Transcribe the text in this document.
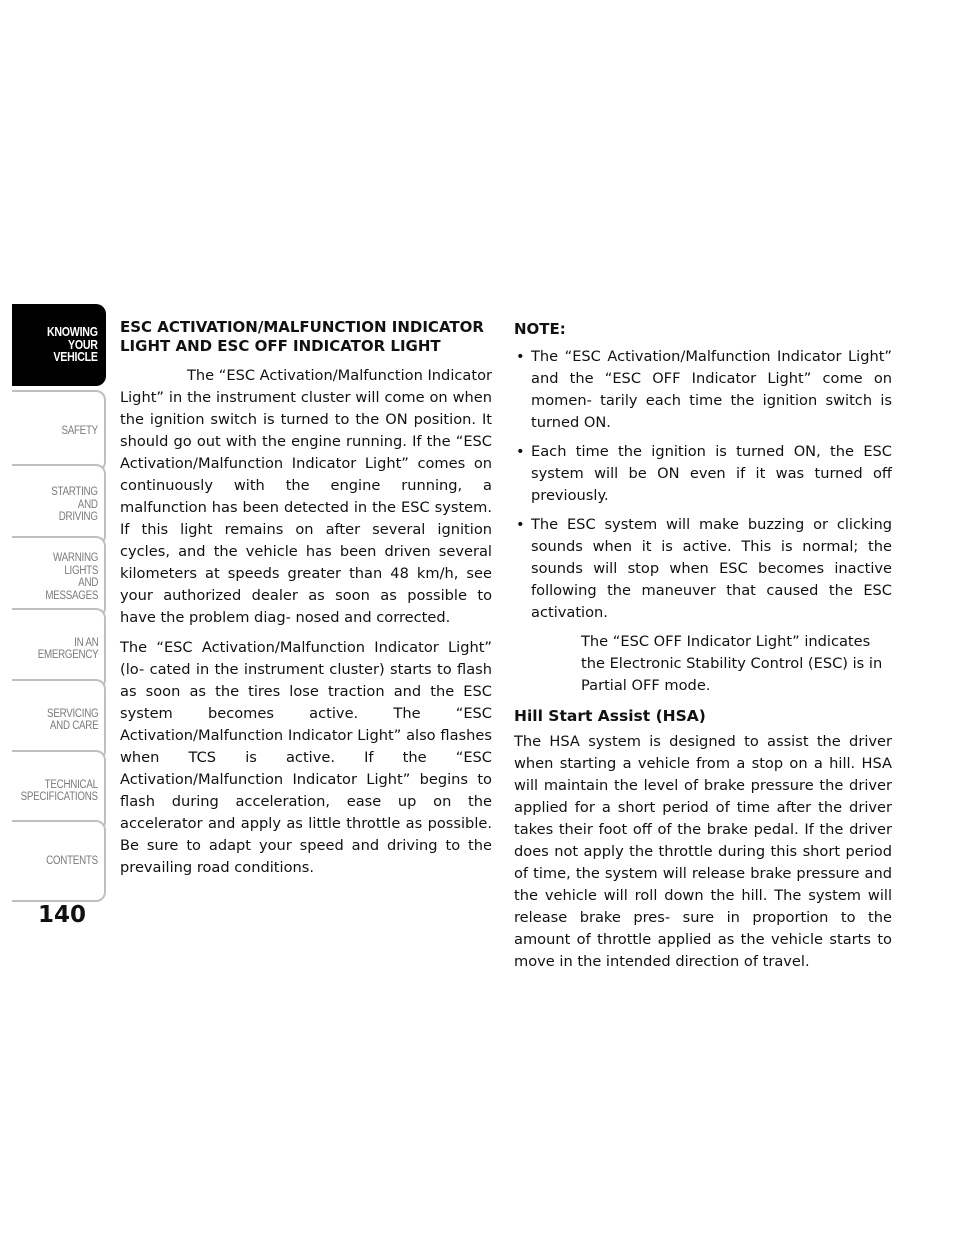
KNOWING
YOUR
VEHICLE
SAFETY
STARTING
AND
DRIVING
WARNING
LIGHTS
AND
MESSAGES
IN AN
EMERGENCY
SERVICING
AND CARE
TECHNICAL
SPECIFICATIONS
CONTENTS
140
ESC ACTIVATION/MALFUNCTION INDICATOR LIGHT AND ESC OFF INDICATOR LIGHT

The “ESC Activation/Malfunction Indicator Light” in the instrument cluster will come on when the ignition switch is turned to the ON position. It should go out with the engine running. If the “ESC Activation/Malfunction Indicator Light” comes on continuously with the engine running, a malfunction has been detected in the ESC system. If this light remains on after several ignition cycles, and the vehicle has been driven several kilometers at speeds greater than 48 km/h, see your authorized dealer as soon as possible to have the problem diag- nosed and corrected.

The “ESC Activation/Malfunction Indicator Light” (lo- cated in the instrument cluster) starts to flash as soon as the tires lose traction and the ESC system becomes active. The “ESC Activation/Malfunction Indicator Light” also flashes when TCS is active. If the “ESC Activation/Malfunction Indicator Light” begins to flash during acceleration, ease up on the accelerator and apply as little throttle as possible. Be sure to adapt your speed and driving to the prevailing road conditions.

NOTE:
• The “ESC Activation/Malfunction Indicator Light” and the “ESC OFF Indicator Light” come on momen- tarily each time the ignition switch is turned ON.
• Each time the ignition is turned ON, the ESC system will be ON even if it was turned off previously.
• The ESC system will make buzzing or clicking sounds when it is active. This is normal; the sounds will stop when ESC becomes inactive following the maneuver that caused the ESC activation.

The “ESC OFF Indicator Light” indicates the Electronic Stability Control (ESC) is in Partial OFF mode.

Hill Start Assist (HSA)

The HSA system is designed to assist the driver when starting a vehicle from a stop on a hill. HSA will maintain the level of brake pressure the driver applied for a short period of time after the driver takes their foot off of the brake pedal. If the driver does not apply the throttle during this short period of time, the system will release brake pressure and the vehicle will roll down the hill. The system will release brake pres- sure in proportion to the amount of throttle applied as the vehicle starts to move in the intended direction of travel.
